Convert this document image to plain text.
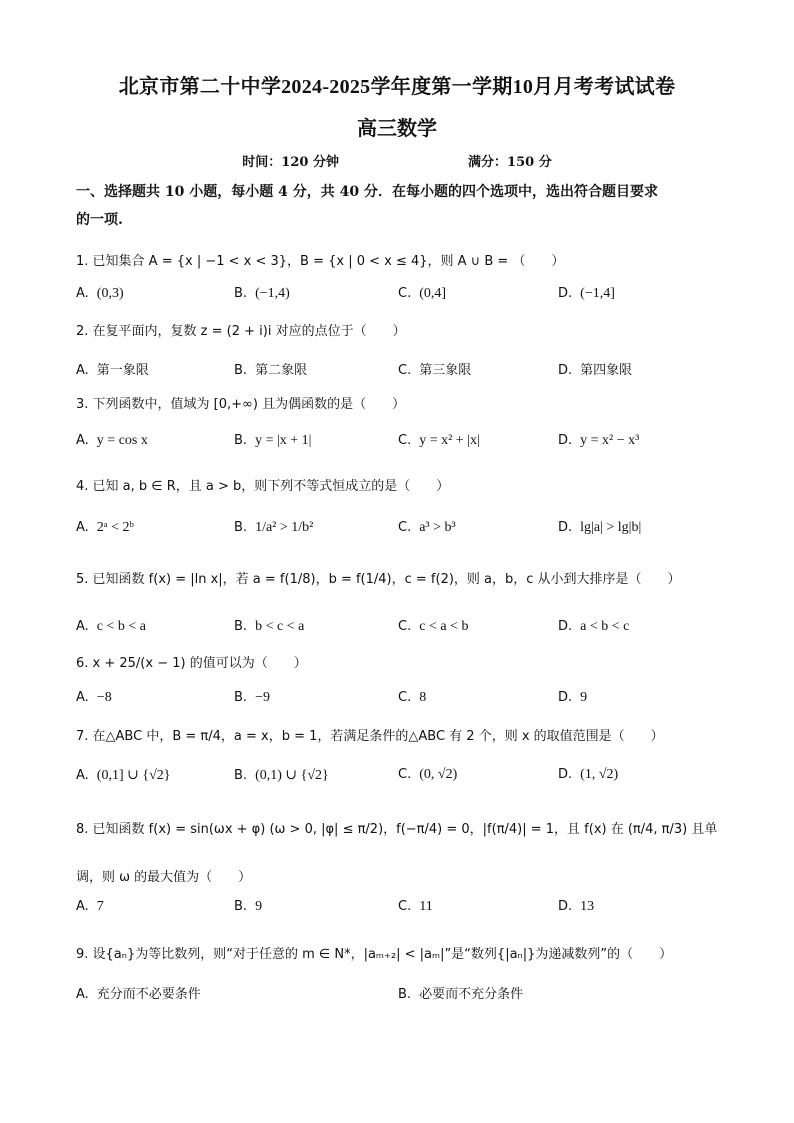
北京市第二十中学2024-2025学年度第一学期10月月考考试试卷
高三数学
时间：120 分钟	满分：150 分
一、选择题共 10 小题，每小题 4 分，共 40 分．在每小题的四个选项中，选出符合题目要求
的一项.
1. 已知集合 A = {x | −1 < x < 3}，B = {x | 0 < x ≤ 4}，则 A ∪ B = （　　）
A. (0,3)	B. (−1,4)	C. (0,4]	D. (−1,4]
2. 在复平面内，复数 z = (2 + i)i 对应的点位于（　　）
A. 第一象限	B. 第二象限	C. 第三象限	D. 第四象限
3. 下列函数中，值域为 [0,+∞) 且为偶函数的是（　　）
A. y = cos x	B. y = |x + 1|	C. y = x² + |x|	D. y = x² − x³
4. 已知 a, b ∈ R，且 a > b，则下列不等式恒成立的是（　　）
A. 2ᵃ < 2ᵇ	B. 1/a² > 1/b²	C. a³ > b³	D. lg|a| > lg|b|
5. 已知函数 f(x) = |ln x|，若 a = f(1/8)，b = f(1/4)，c = f(2)，则 a，b，c 从小到大排序是（　　）
A. c < b < a	B. b < c < a	C. c < a < b	D. a < b < c
6. x + 25/(x − 1) 的值可以为（　　）
A. −8	B. −9	C. 8	D. 9
7. 在△ABC 中，B = π/4，a = x，b = 1，若满足条件的△ABC 有 2 个，则 x 的取值范围是（　　）
A. (0,1] ∪ {√2}	B. (0,1) ∪ {√2}	C. (0, √2)	D. (1, √2)
8. 已知函数 f(x) = sin(ωx + φ) (ω > 0, |φ| ≤ π/2)，f(−π/4) = 0，|f(π/4)| = 1，且 f(x) 在 (π/4, π/3) 且单
调，则 ω 的最大值为（　　）
A. 7	B. 9	C. 11	D. 13
9. 设{aₙ}为等比数列，则“对于任意的 m ∈ N*，|aₘ₊₂| < |aₘ|”是“数列{|aₙ|}为递减数列”的（　　）
A. 充分而不必要条件	B. 必要而不充分条件
